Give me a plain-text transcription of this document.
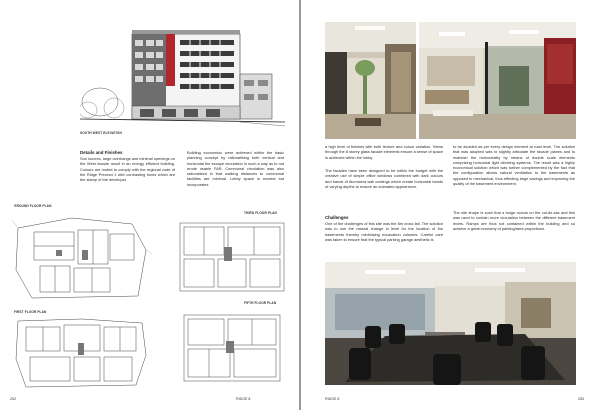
SOUTH WEST ELEVATION
Details and Finishes

Sun louvres, large overhangs and minimal openings on the West facade result in an energy efficient building. Colours are muted to comply with the regional code of the Ridge Precinct 1 with contrasting tones which are the stamp of the developer.

Building economics were achieved within the basic planning concept by rationalising both vertical and horizontal fire escape circulation in such a way as to not erode usable FAR. Communal circulation was also rationalised in that walking distances to communal facilities are minimal. Lobby space is modest but incorporates

GROUND FLOOR PLAN
THIRD FLOOR PLAN
FIRST FLOOR PLAN
FIFTH FLOOR PLAN
252	RIDGE 8

a high level of finishes with both texture and colour variation. Views through the 8 storey glass facade elements ensure a sense of space is achieved within the lobby.

The facades have been designed to be within the budget with the creative use of simple office windows combined with dark colours and bands of Alumicera wall coatings which create horizontal bands of varying depths to ensure an animated appearance.

Challenges

One of the challenges of this site was the 8m cross fall. The solution was to use the natural change in level for the location of the basements thereby minimising excavation volumes. Careful care was taken to ensure that the typical parking garage aesthetic is

to be avoided as per every design element at road level. The solution that was adopted was to slightly articulate the facade planes and to maintain the horizontality by means of double scale elements comprising horizontal light climbing systems. The result was a highly economical solution which was further complemented by the fact that the configuration allows natural ventilation to the basements as opposed to mechanical, thus effecting large savings and improving the quality of the basement environment.

The site shape is such that a bulge occurs on the cul-de-sac and this was used to contain more circulation between the different basement levels. Ramps are thus not contained within the building and so achieve a great economy of parking/area proportions.

RIDGE 8	253
